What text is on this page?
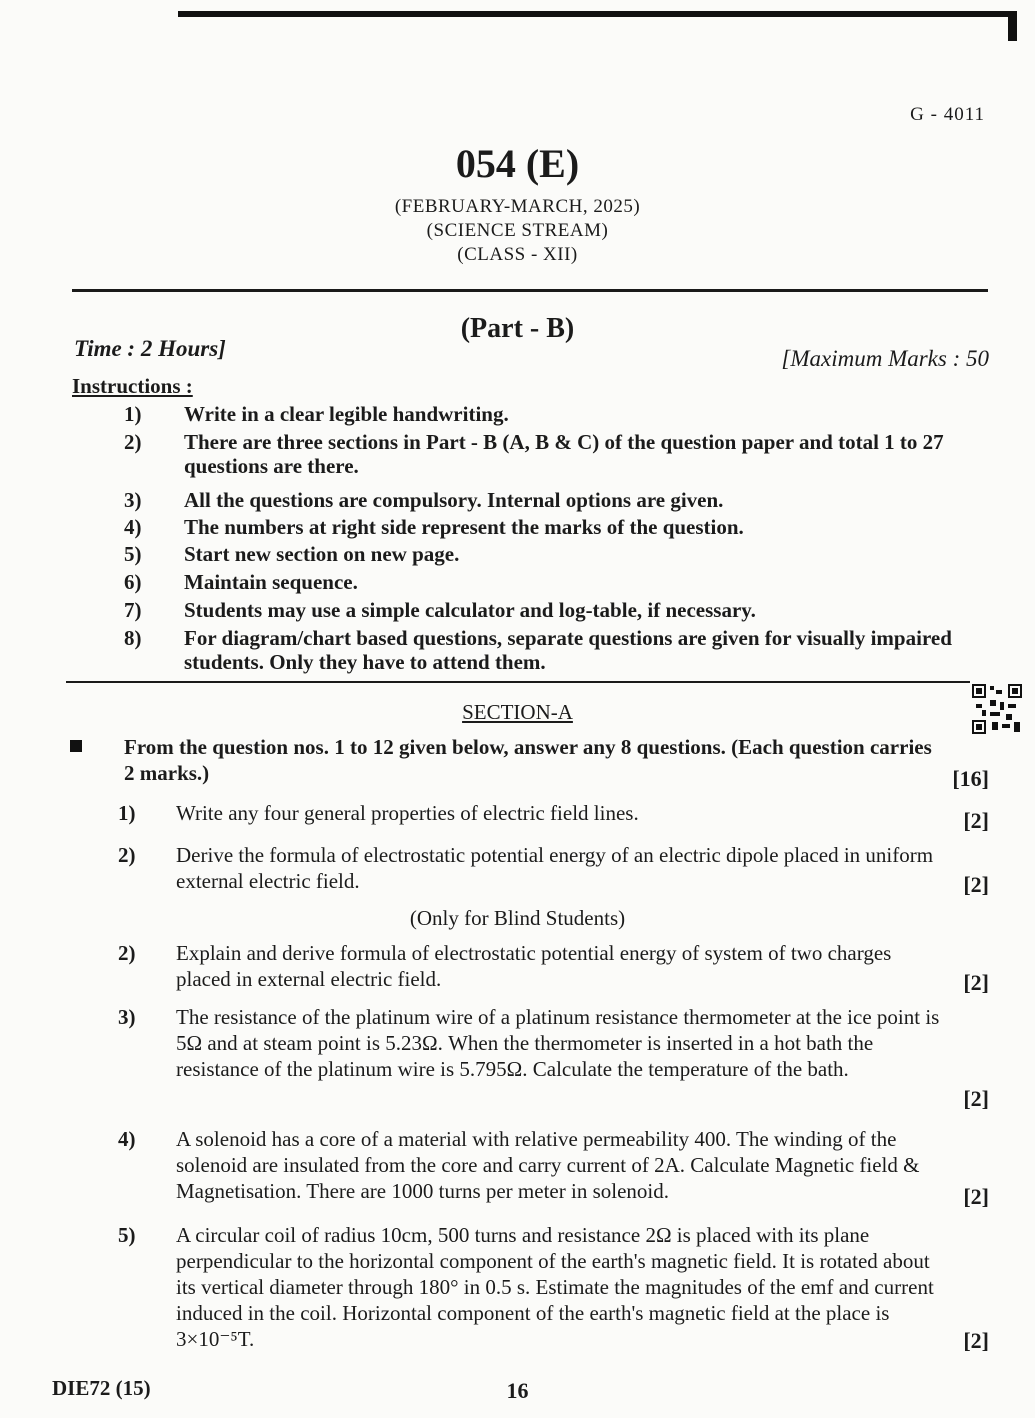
G - 4011
054 (E)
(FEBRUARY-MARCH, 2025)
(SCIENCE STREAM)
(CLASS - XII)
(Part - B)
Time : 2 Hours]	[Maximum Marks : 50
Instructions :
1) Write in a clear legible handwriting.
2) There are three sections in Part - B (A, B & C) of the question paper and total 1 to 27 questions are there.
3) All the questions are compulsory. Internal options are given.
4) The numbers at right side represent the marks of the question.
5) Start new section on new page.
6) Maintain sequence.
7) Students may use a simple calculator and log-table, if necessary.
8) For diagram/chart based questions, separate questions are given for visually impaired students. Only they have to attend them.
SECTION-A
From the question nos. 1 to 12 given below, answer any 8 questions. (Each question carries 2 marks.)	[16]
1) Write any four general properties of electric field lines.	[2]
2) Derive the formula of electrostatic potential energy of an electric dipole placed in uniform external electric field.	[2]
(Only for Blind Students)
2) Explain and derive formula of electrostatic potential energy of system of two charges placed in external electric field.	[2]
3) The resistance of the platinum wire of a platinum resistance thermometer at the ice point is 5Ω and at steam point is 5.23Ω. When the thermometer is inserted in a hot bath the resistance of the platinum wire is 5.795Ω. Calculate the temperature of the bath.
[2]
4) A solenoid has a core of a material with relative permeability 400. The winding of the solenoid are insulated from the core and carry current of 2A. Calculate Magnetic field & Magnetisation. There are 1000 turns per meter in solenoid.	[2]
5) A circular coil of radius 10cm, 500 turns and resistance 2Ω is placed with its plane perpendicular to the horizontal component of the earth's magnetic field. It is rotated about its vertical diameter through 180° in 0.5 s. Estimate the magnitudes of the emf and current induced in the coil. Horizontal component of the earth's magnetic field at the place is 3×10⁻⁵T.	[2]
DIE72 (15)	16
